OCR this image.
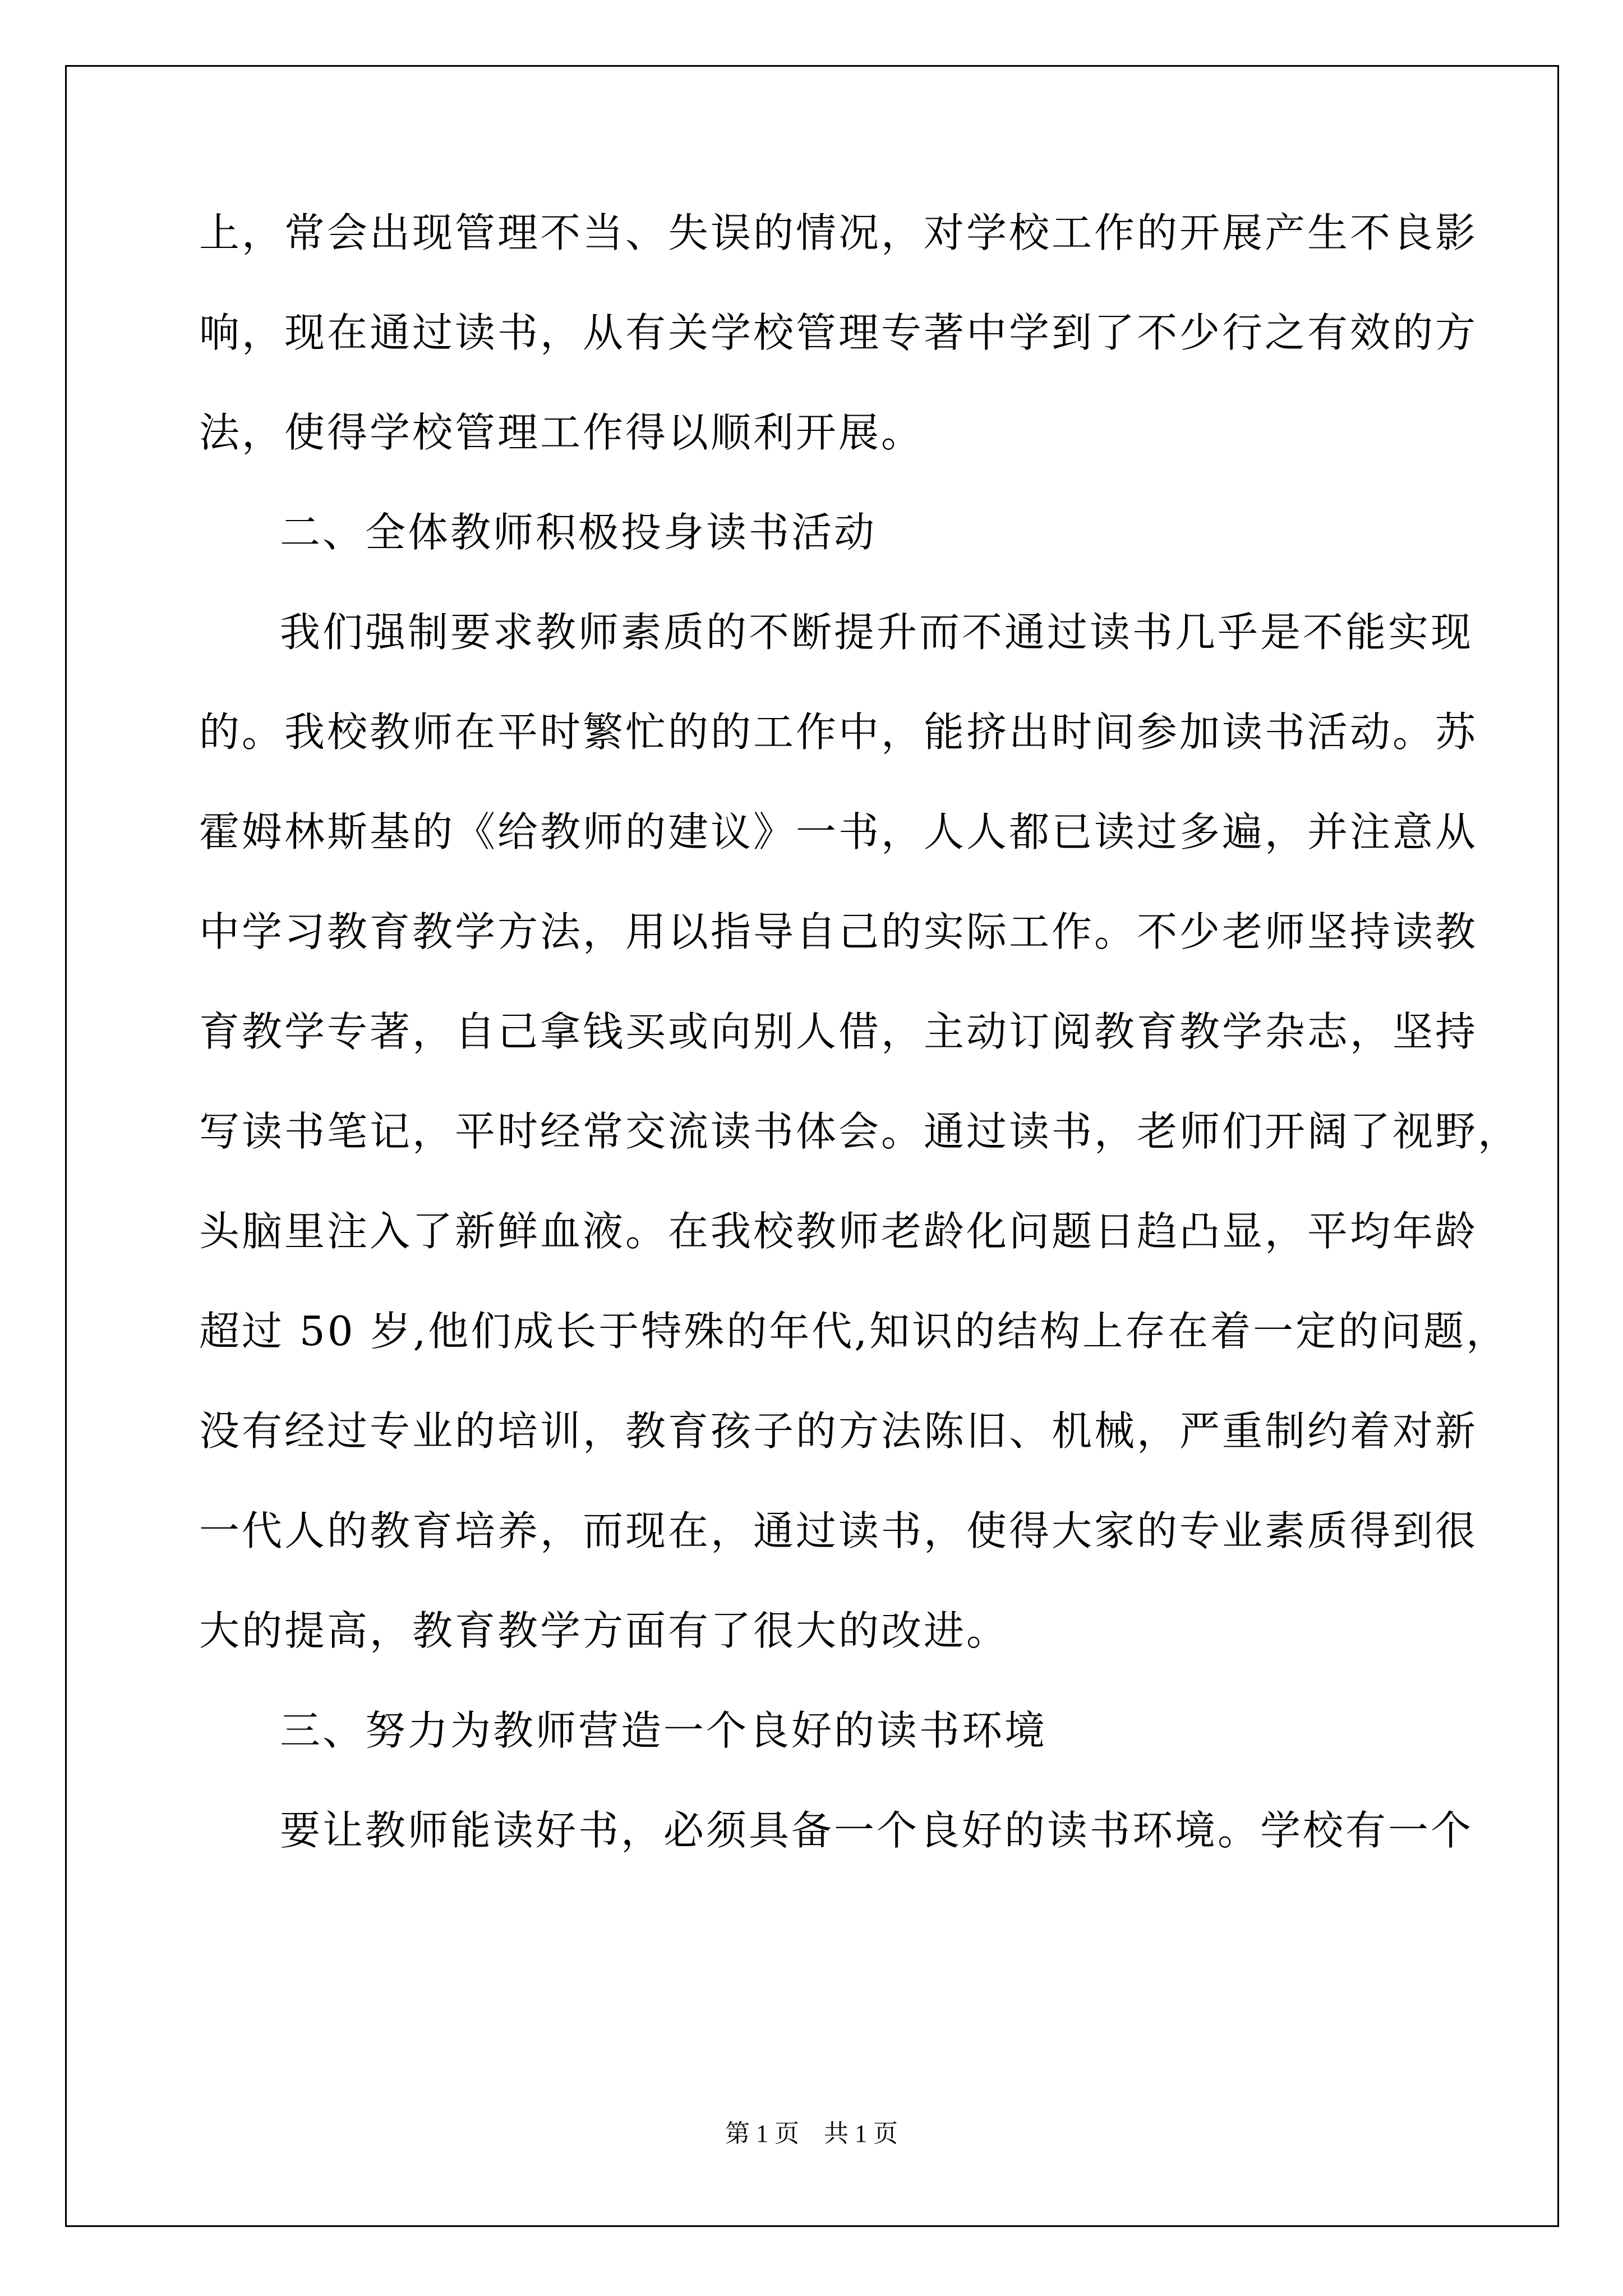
上，常会出现管理不当、失误的情况，对学校工作的开展产生不良影
响，现在通过读书，从有关学校管理专著中学到了不少行之有效的方
法，使得学校管理工作得以顺利开展。
二、全体教师积极投身读书活动
我们强制要求教师素质的不断提升而不通过读书几乎是不能实现
的。我校教师在平时繁忙的的工作中，能挤出时间参加读书活动。苏
霍姆林斯基的《给教师的建议》一书，人人都已读过多遍，并注意从
中学习教育教学方法，用以指导自己的实际工作。不少老师坚持读教
育教学专著，自己拿钱买或向别人借，主动订阅教育教学杂志，坚持
写读书笔记，平时经常交流读书体会。通过读书，老师们开阔了视野，
头脑里注入了新鲜血液。在我校教师老龄化问题日趋凸显，平均年龄
超过 50 岁,他们成长于特殊的年代,知识的结构上存在着一定的问题，
没有经过专业的培训，教育孩子的方法陈旧、机械，严重制约着对新
一代人的教育培养，而现在，通过读书，使得大家的专业素质得到很
大的提高，教育教学方面有了很大的改进。
三、努力为教师营造一个良好的读书环境
要让教师能读好书，必须具备一个良好的读书环境。学校有一个
第 1 页　共 1 页
